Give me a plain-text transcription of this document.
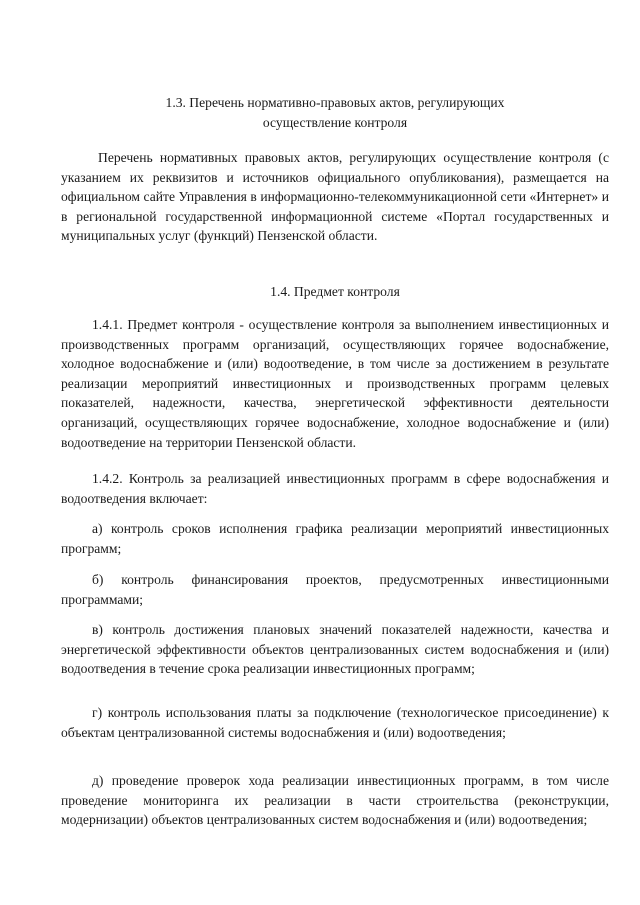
1.3. Перечень нормативно-правовых актов, регулирующих
осуществление контроля

Перечень нормативных правовых актов, регулирующих осуществление контроля (с указанием их реквизитов и источников официального опубликования), размещается на официальном сайте Управления в информационно-телекоммуникационной сети «Интернет» и в региональной государственной информационной системе «Портал государственных и муниципальных услуг (функций) Пензенской области.

1.4. Предмет контроля

1.4.1. Предмет контроля - осуществление контроля за выполнением инвестиционных и производственных программ организаций, осуществляющих горячее водоснабжение, холодное водоснабжение и (или) водоотведение, в том числе за достижением в результате реализации мероприятий инвестиционных и производственных программ целевых показателей, надежности, качества, энергетической эффективности деятельности организаций, осуществляющих горячее водоснабжение, холодное водоснабжение и (или) водоотведение на территории Пензенской области.

1.4.2. Контроль за реализацией инвестиционных программ в сфере водоснабжения и водоотведения включает:

а) контроль сроков исполнения графика реализации мероприятий инвестиционных программ;

б) контроль финансирования проектов, предусмотренных инвестиционными программами;

в) контроль достижения плановых значений показателей надежности, качества и энергетической эффективности объектов централизованных систем водоснабжения и (или) водоотведения в течение срока реализации инвестиционных программ;

г) контроль использования платы за подключение (технологическое присоединение) к объектам централизованной системы водоснабжения и (или) водоотведения;

д) проведение проверок хода реализации инвестиционных программ, в том числе проведение мониторинга их реализации в части строительства (реконструкции, модернизации) объектов централизованных систем водоснабжения и (или) водоотведения;
